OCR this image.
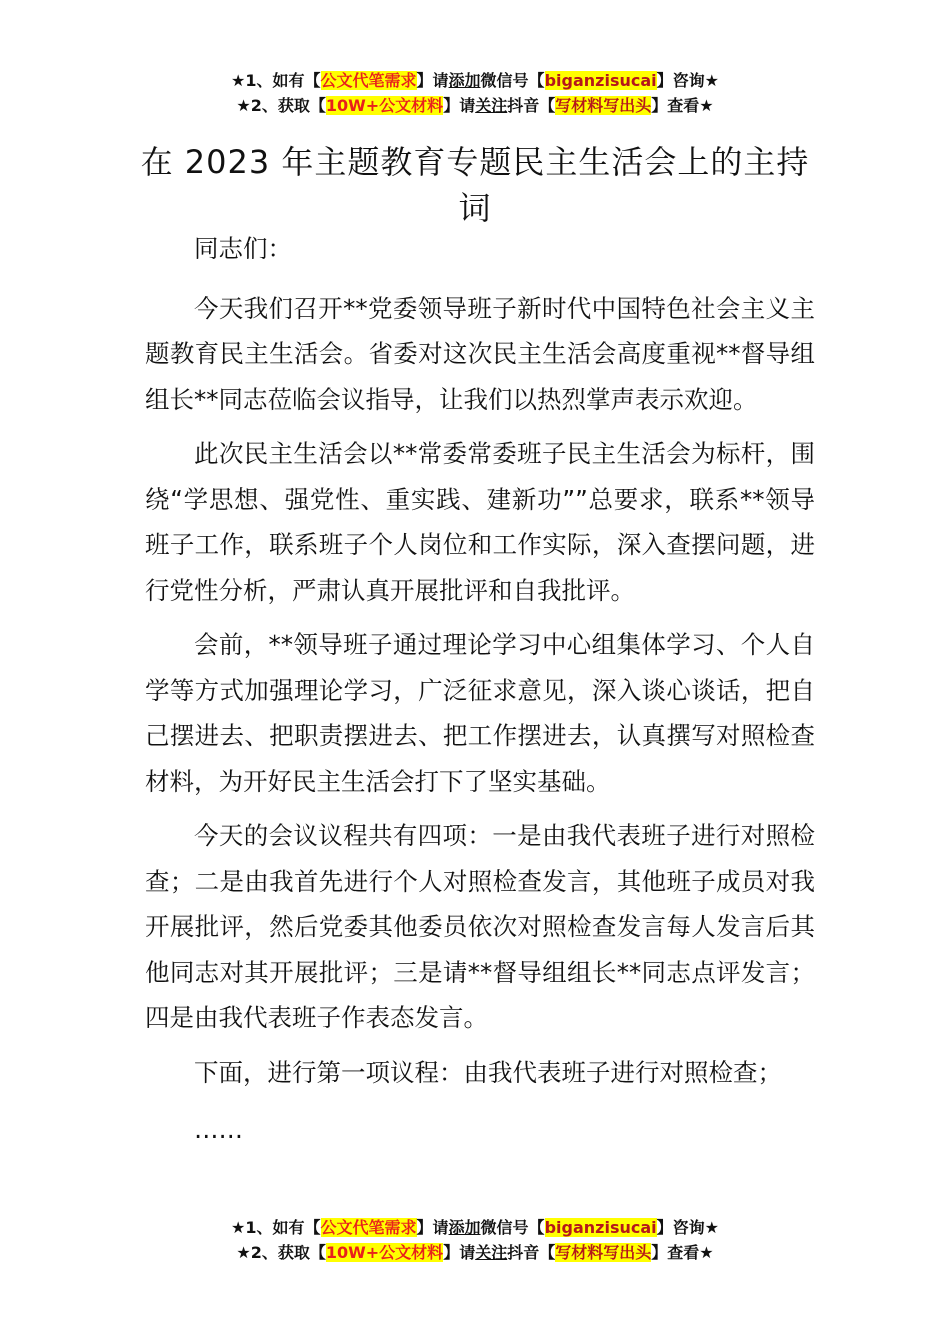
★1、如有【公文代笔需求】请添加微信号【biganzisucai】咨询★
★2、获取【10W+公文材料】请关注抖音【写材料写出头】查看★
在 2023 年主题教育专题民主生活会上的主持词

同志们：

今天我们召开**党委领导班子新时代中国特色社会主义主题教育民主生活会。省委对这次民主生活会高度重视**督导组组长**同志莅临会议指导，让我们以热烈掌声表示欢迎。

此次民主生活会以**常委常委班子民主生活会为标杆，围绕“学思想、强党性、重实践、建新功””总要求，联系**领导班子工作，联系班子个人岗位和工作实际，深入查摆问题，进行党性分析，严肃认真开展批评和自我批评。

会前，**领导班子通过理论学习中心组集体学习、个人自学等方式加强理论学习，广泛征求意见，深入谈心谈话，把自己摆进去、把职责摆进去、把工作摆进去，认真撰写对照检查材料，为开好民主生活会打下了坚实基础。

今天的会议议程共有四项：一是由我代表班子进行对照检查；二是由我首先进行个人对照检查发言，其他班子成员对我开展批评，然后党委其他委员依次对照检查发言每人发言后其他同志对其开展批评；三是请**督导组组长**同志点评发言；四是由我代表班子作表态发言。

下面，进行第一项议程：由我代表班子进行对照检查；

……

★1、如有【公文代笔需求】请添加微信号【biganzisucai】咨询★
★2、获取【10W+公文材料】请关注抖音【写材料写出头】查看★
